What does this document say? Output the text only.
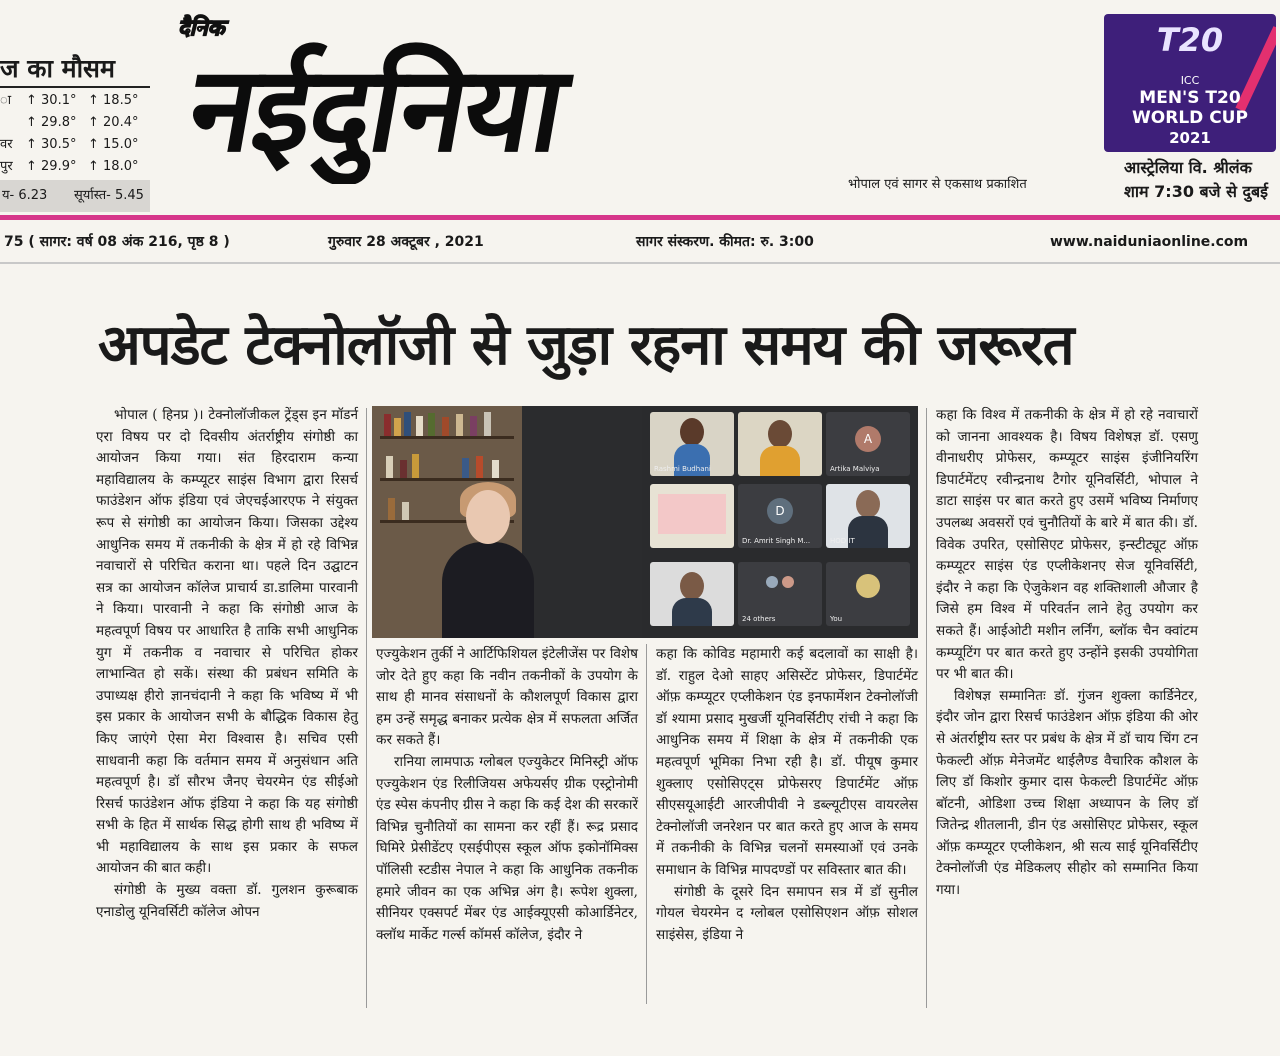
ज का मौसम
ा	↑ 30.1° ↑ 18.5°
↑ 29.8° ↑ 20.4°
वर	↑ 30.5° ↑ 15.0°
पुर	↑ 29.9° ↑ 18.0°
य- 6.23 सूर्यास्त- 5.45
दैनिक
नईदुनिया
भोपाल एवं सागर से एकसाथ प्रकाशित
T20
ICC
MEN'S T20
WORLD CUP
2021
आस्ट्रेलिया वि. श्रीलंक
शाम 7:30 बजे से दुबई
75 ( सागर: वर्ष 08 अंक 216, पृष्ठ 8 )	गुरुवार 28 अक्टूबर , 2021	सागर संस्करण. कीमत: रु. 3:00	www.naiduniaonline.com
अपडेट टेक्नोलॉजी से जुड़ा रहना समय की जरूरत

भोपाल ( हिनप्र )। टेक्नोलॉजीकल ट्रेंड्स इन मॉडर्न एरा विषय पर दो दिवसीय अंतर्राष्ट्रीय संगोष्ठी का आयोजन किया गया। संत हिरदाराम कन्या महाविद्यालय के कम्प्यूटर साइंस विभाग द्वारा रिसर्च फाउंडेशन ऑफ इंडिया एवं जेएचईआरएफ ने संयुक्त रूप से संगोष्ठी का आयोजन किया। जिसका उद्देश्य आधुनिक समय में तकनीकी के क्षेत्र में हो रहे विभिन्न नवाचारों से परिचित कराना था। पहले दिन उद्घाटन सत्र का आयोजन कॉलेज प्राचार्य डा.डालिमा पारवानी ने किया। पारवानी ने कहा कि संगोष्ठी आज के महत्वपूर्ण विषय पर आधारित है ताकि सभी आधुनिक युग में तकनीक व नवाचार से परिचित होकर लाभान्वित हो सकें। संस्था की प्रबंधन समिति के उपाध्यक्ष हीरो ज्ञानचंदानी ने कहा कि भविष्य में भी इस प्रकार के आयोजन सभी के बौद्धिक विकास हेतु किए जाएंगे ऐसा मेरा विश्वास है। सचिव एसी साधवानी कहा कि वर्तमान समय में अनुसंधान अति महत्वपूर्ण है। डॉ सौरभ जैनए चेयरमेन एंड सीईओ रिसर्च फाउंडेशन ऑफ इंडिया ने कहा कि यह संगोष्ठी सभी के हित में सार्थक सिद्ध होगी साथ ही भविष्य में भी महाविद्यालय के साथ इस प्रकार के सफल आयोजन की बात कही।

संगोष्ठी के मुख्य वक्ता डॉ. गुलशन कुरूबाक एनाडोलु यूनिवर्सिटी कॉलेज ओपन

Rashmi Budhani
A
Artika Malviya
D
Dr. Amrit Singh M...	HOD IT
24 others	You

एज्युकेशन तुर्की ने आर्टिफिशियल इंटेलीजेंस पर विशेष जोर देते हुए कहा कि नवीन तकनीकों के उपयोग के साथ ही मानव संसाधनों के कौशलपूर्ण विकास द्वारा हम उन्हें समृद्ध बनाकर प्रत्येक क्षेत्र में सफलता अर्जित कर सकते हैं।

रानिया लामपाऊ ग्लोबल एज्युकेटर मिनिस्ट्री ऑफ एज्युकेशन एंड रिलीजियस अफेयर्सए ग्रीक एस्ट्रोनोमी एंड स्पेस कंपनीए ग्रीस ने कहा कि कई देश की सरकारें विभिन्न चुनौतियों का सामना कर रहीं हैं। रूद्र प्रसाद घिमिरे प्रेसीडेंटए एसईपीएस स्कूल ऑफ इकोनॉमिक्स पॉलिसी स्टडीस नेपाल ने कहा कि आधुनिक तकनीक हमारे जीवन का एक अभिन्न अंग है। रूपेश शुक्ला, सीनियर एक्सपर्ट मेंबर एंड आईक्यूएसी कोआर्डिनेटर, क्लॉथ मार्केट गर्ल्स कॉमर्स कॉलेज, इंदौर ने

कहा कि कोविड महामारी कई बदलावों का साक्षी है। डॉ. राहुल देओ साहए असिस्टेंट प्रोफेसर, डिपार्टमेंट ऑफ़ कम्प्यूटर एप्लीकेशन एंड इनफार्मेशन टेक्नोलॉजी डॉ श्यामा प्रसाद मुखर्जी यूनिवर्सिटीए रांची ने कहा कि आधुनिक समय में शिक्षा के क्षेत्र में तकनीकी एक महत्वपूर्ण भूमिका निभा रही है। डॉ. पीयूष कुमार शुक्लाए एसोसिएट्स प्रोफेसरए डिपार्टमेंट ऑफ़ सीएसयूआईटी आरजीपीवी ने डब्ल्यूटीएस वायरलेस टेक्नोलॉजी जनरेशन पर बात करते हुए आज के समय में तकनीकी के विभिन्न चलनों समस्याओं एवं उनके समाधान के विभिन्न मापदण्डों पर सविस्तार बात की।

संगोष्ठी के दूसरे दिन समापन सत्र में डॉ सुनील गोयल चेयरमेन द ग्लोबल एसोसिएशन ऑफ़ सोशल साइंसेस, इंडिया ने

कहा कि विश्व में तकनीकी के क्षेत्र में हो रहे नवाचारों को जानना आवश्यक है। विषय विशेषज्ञ डॉ. एसणु वीनाधरीए प्रोफेसर, कम्प्यूटर साइंस इंजीनियरिंग डिपार्टमेंटए रवीन्द्रनाथ टैगोर यूनिवर्सिटी, भोपाल ने डाटा साइंस पर बात करते हुए उसमें भविष्य निर्माणए उपलब्ध अवसरों एवं चुनौतियों के बारे में बात की। डॉ. विवेक उपरित, एसोसिएट प्रोफेसर, इन्स्टीट्यूट ऑफ़ कम्प्यूटर साइंस एंड एप्लीकेशनए सेज यूनिवर्सिटी, इंदौर ने कहा कि ऐजुकेशन वह शक्तिशाली औजार है जिसे हम विश्व में परिवर्तन लाने हेतु उपयोग कर सकते हैं। आईओटी मशीन लर्निंग, ब्लॉक चैन क्वांटम कम्प्यूटिंग पर बात करते हुए उन्होंने इसकी उपयोगिता पर भी बात की।

विशेषज्ञ सम्मानितः डॉ. गुंजन शुक्ला कार्डिनेटर, इंदौर जोन द्वारा रिसर्च फाउंडेशन ऑफ़ इंडिया की ओर से अंतर्राष्ट्रीय स्तर पर प्रबंध के क्षेत्र में डॉ चाय चिंग टन फेकल्टी ऑफ़ मेनेजमेंट थाईलैण्ड वैचारिक कौशल के लिए डॉ किशोर कुमार दास फेकल्टी डिपार्टमेंट ऑफ़ बॉटनी, ओडिशा उच्च शिक्षा अध्यापन के लिए डॉ जितेन्द्र शीतलानी, डीन एंड असोसिएट प्रोफेसर, स्कूल ऑफ़ कम्प्यूटर एप्लीकेशन, श्री सत्य साई यूनिवर्सिटीए टेक्नोलॉजी एंड मेडिकलए सीहोर को सम्मानित किया गया।
